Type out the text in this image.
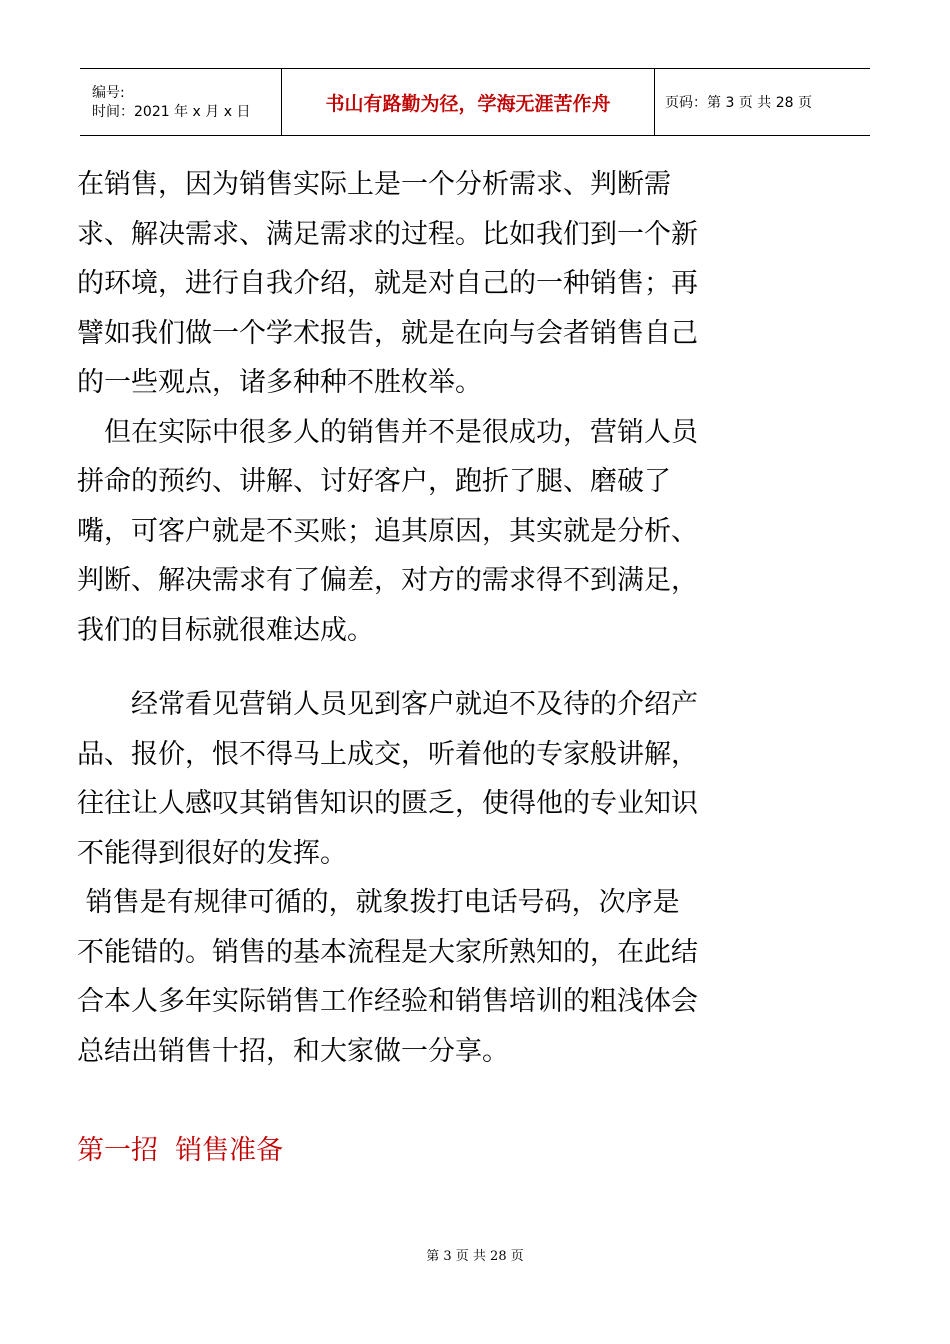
编号:
时间：2021 年 x 月 x 日	书山有路勤为径，学海无涯苦作舟	页码：第 3 页 共 28 页

在销售，因为销售实际上是一个分析需求、判断需

求、解决需求、满足需求的过程。比如我们到一个新

的环境，进行自我介绍，就是对自己的一种销售；再

譬如我们做一个学术报告，就是在向与会者销售自己

的一些观点，诸多种种不胜枚举。

　但在实际中很多人的销售并不是很成功，营销人员

拼命的预约、讲解、讨好客户，跑折了腿、磨破了

嘴，可客户就是不买账；追其原因，其实就是分析、

判断、解决需求有了偏差，对方的需求得不到满足，

我们的目标就很难达成。

　　经常看见营销人员见到客户就迫不及待的介绍产

品、报价，恨不得马上成交，听着他的专家般讲解，

往往让人感叹其销售知识的匮乏，使得他的专业知识

不能得到很好的发挥。

销售是有规律可循的，就象拨打电话号码，次序是

不能错的。销售的基本流程是大家所熟知的，在此结

合本人多年实际销售工作经验和销售培训的粗浅体会

总结出销售十招，和大家做一分享。

第一招  销售准备

第 3 页 共 28 页
